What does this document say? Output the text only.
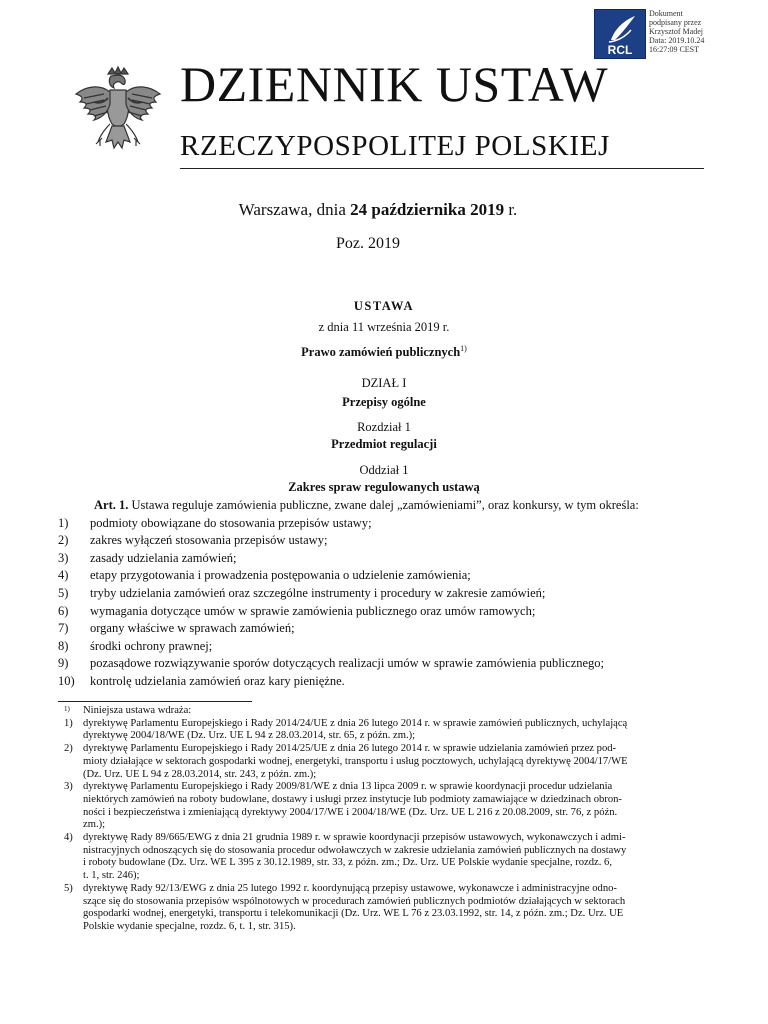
RCL
Dokument
podpisany przez
Krzysztof Madej
Data: 2019.10.24
16:27:09 CEST
DZIENNIK USTAW
RZECZYPOSPOLITEJ POLSKIEJ
Warszawa, dnia 24 października 2019 r.
Poz. 2019
USTAWA
z dnia 11 września 2019 r.
Prawo zamówień publicznych$^{1)}$
DZIAŁ I
Przepisy ogólne
Rozdział 1
Przedmiot regulacji
Oddział 1
Zakres spraw regulowanych ustawą
Art. 1. Ustawa reguluje zamówienia publiczne, zwane dalej „zamówieniami”, oraz konkursy, w tym określa:
1) podmioty obowiązane do stosowania przepisów ustawy;
2) zakres wyłączeń stosowania przepisów ustawy;
3) zasady udzielania zamówień;
4) etapy przygotowania i prowadzenia postępowania o udzielenie zamówienia;
5) tryby udzielania zamówień oraz szczególne instrumenty i procedury w zakresie zamówień;
6) wymagania dotyczące umów w sprawie zamówienia publicznego oraz umów ramowych;
7) organy właściwe w sprawach zamówień;
8) środki ochrony prawnej;
9) pozasądowe rozwiązywanie sporów dotyczących realizacji umów w sprawie zamówienia publicznego;
10) kontrolę udzielania zamówień oraz kary pieniężne.
1) Niniejsza ustawa wdraża:
1) dyrektywę Parlamentu Europejskiego i Rady 2014/24/UE z dnia 26 lutego 2014 r. w sprawie zamówień publicznych, uchylającą
dyrektywę 2004/18/WE (Dz. Urz. UE L 94 z 28.03.2014, str. 65, z późn. zm.);
2) dyrektywę Parlamentu Europejskiego i Rady 2014/25/UE z dnia 26 lutego 2014 r. w sprawie udzielania zamówień przez pod-
mioty działające w sektorach gospodarki wodnej, energetyki, transportu i usług pocztowych, uchylającą dyrektywę 2004/17/WE
(Dz. Urz. UE L 94 z 28.03.2014, str. 243, z późn. zm.);
3) dyrektywę Parlamentu Europejskiego i Rady 2009/81/WE z dnia 13 lipca 2009 r. w sprawie koordynacji procedur udzielania
niektórych zamówień na roboty budowlane, dostawy i usługi przez instytucje lub podmioty zamawiające w dziedzinach obron-
ności i bezpieczeństwa i zmieniającą dyrektywy 2004/17/WE i 2004/18/WE (Dz. Urz. UE L 216 z 20.08.2009, str. 76, z późn.
zm.);
4) dyrektywę Rady 89/665/EWG z dnia 21 grudnia 1989 r. w sprawie koordynacji przepisów ustawowych, wykonawczych i admi-
nistracyjnych odnoszących się do stosowania procedur odwoławczych w zakresie udzielania zamówień publicznych na dostawy
i roboty budowlane (Dz. Urz. WE L 395 z 30.12.1989, str. 33, z późn. zm.; Dz. Urz. UE Polskie wydanie specjalne, rozdz. 6,
t. 1, str. 246);
5) dyrektywę Rady 92/13/EWG z dnia 25 lutego 1992 r. koordynującą przepisy ustawowe, wykonawcze i administracyjne odno-
szące się do stosowania przepisów wspólnotowych w procedurach zamówień publicznych podmiotów działających w sektorach
gospodarki wodnej, energetyki, transportu i telekomunikacji (Dz. Urz. WE L 76 z 23.03.1992, str. 14, z późn. zm.; Dz. Urz. UE
Polskie wydanie specjalne, rozdz. 6, t. 1, str. 315).
